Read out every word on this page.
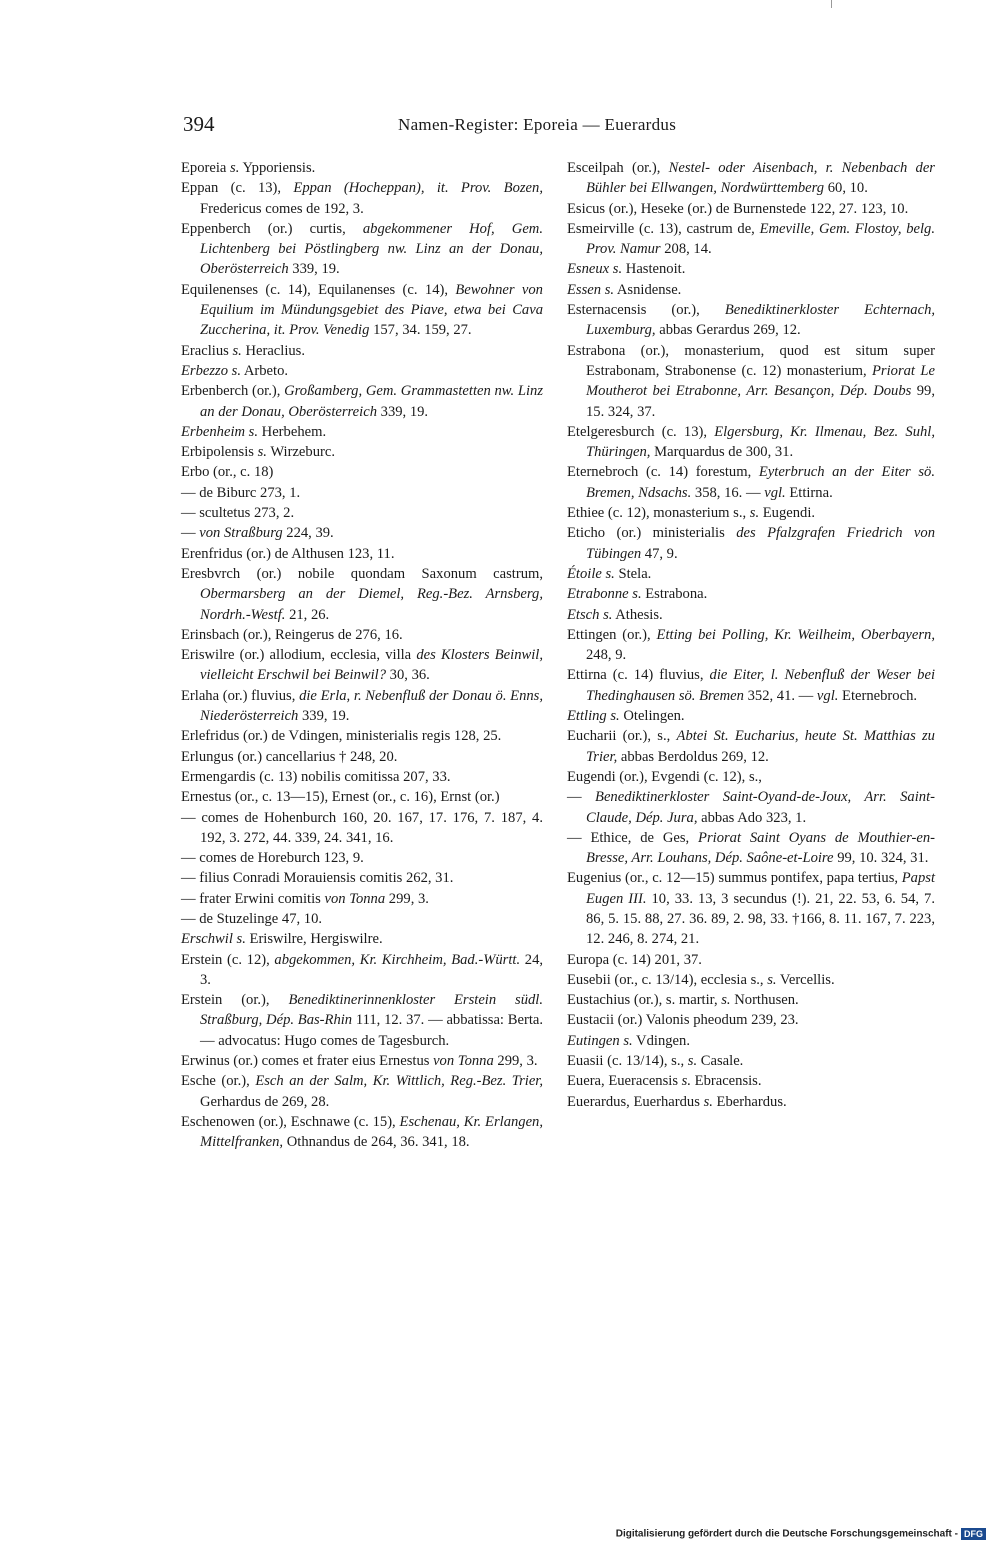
394	Namen-Register: Eporeia — Euerardus

Eporeia s. Ypporiensis.

Eppan (c. 13), Eppan (Hocheppan), it. Prov. Bozen, Fredericus comes de 192, 3.

Eppenberch (or.) curtis, abgekommener Hof, Gem. Lichtenberg bei Pöstlingberg nw. Linz an der Donau, Oberösterreich 339, 19.

Equilenenses (c. 14), Equilanenses (c. 14), Bewohner von Equilium im Mündungsgebiet des Piave, etwa bei Cava Zuccherina, it. Prov. Venedig 157, 34. 159, 27.

Eraclius s. Heraclius.

Erbezzo s. Arbeto.

Erbenberch (or.), Großamberg, Gem. Grammastetten nw. Linz an der Donau, Oberösterreich 339, 19.

Erbenheim s. Herbehem.

Erbipolensis s. Wirzeburc.

Erbo (or., c. 18)

— de Biburc 273, 1.

— scultetus 273, 2.

— von Straßburg 224, 39.

Erenfridus (or.) de Althusen 123, 11.

Eresbvrch (or.) nobile quondam Saxonum castrum, Obermarsberg an der Diemel, Reg.-Bez. Arnsberg, Nordrh.-Westf. 21, 26.

Erinsbach (or.), Reingerus de 276, 16.

Eriswilre (or.) allodium, ecclesia, villa des Klosters Beinwil, vielleicht Erschwil bei Beinwil? 30, 36.

Erlaha (or.) fluvius, die Erla, r. Nebenfluß der Donau ö. Enns, Niederösterreich 339, 19.

Erlefridus (or.) de Vdingen, ministerialis regis 128, 25.

Erlungus (or.) cancellarius † 248, 20.

Ermengardis (c. 13) nobilis comitissa 207, 33.

Ernestus (or., c. 13—15), Ernest (or., c. 16), Ernst (or.)

— comes de Hohenburch 160, 20. 167, 17. 176, 7. 187, 4. 192, 3. 272, 44. 339, 24. 341, 16.

— comes de Horeburch 123, 9.

— filius Conradi Morauiensis comitis 262, 31.

— frater Erwini comitis von Tonna 299, 3.

— de Stuzelinge 47, 10.

Erschwil s. Eriswilre, Hergiswilre.

Erstein (c. 12), abgekommen, Kr. Kirchheim, Bad.-Württ. 24, 3.

Erstein (or.), Benediktinerinnenkloster Erstein südl. Straßburg, Dép. Bas-Rhin 111, 12. 37. — abbatissa: Berta. — advocatus: Hugo comes de Tagesburch.

Erwinus (or.) comes et frater eius Ernestus von Tonna 299, 3.

Esche (or.), Esch an der Salm, Kr. Wittlich, Reg.-Bez. Trier, Gerhardus de 269, 28.

Eschenowen (or.), Eschnawe (c. 15), Eschenau, Kr. Erlangen, Mittelfranken, Othnandus de 264, 36. 341, 18.

Esceilpah (or.), Nestel- oder Aisenbach, r. Nebenbach der Bühler bei Ellwangen, Nordwürttemberg 60, 10.

Esicus (or.), Heseke (or.) de Burnenstede 122, 27. 123, 10.

Esmeirville (c. 13), castrum de, Emeville, Gem. Flostoy, belg. Prov. Namur 208, 14.

Esneux s. Hastenoit.

Essen s. Asnidense.

Esternacensis (or.), Benediktinerkloster Echternach, Luxemburg, abbas Gerardus 269, 12.

Estrabona (or.), monasterium, quod est situm super Estrabonam, Strabonense (c. 12) monasterium, Priorat Le Moutherot bei Etrabonne, Arr. Besançon, Dép. Doubs 99, 15. 324, 37.

Etelgeresburch (c. 13), Elgersburg, Kr. Ilmenau, Bez. Suhl, Thüringen, Marquardus de 300, 31.

Eternebroch (c. 14) forestum, Eyterbruch an der Eiter sö. Bremen, Ndsachs. 358, 16. — vgl. Ettirna.

Ethiee (c. 12), monasterium s., s. Eugendi.

Eticho (or.) ministerialis des Pfalzgrafen Friedrich von Tübingen 47, 9.

Étoile s. Stela.

Etrabonne s. Estrabona.

Etsch s. Athesis.

Ettingen (or.), Etting bei Polling, Kr. Weilheim, Oberbayern, 248, 9.

Ettirna (c. 14) fluvius, die Eiter, l. Nebenfluß der Weser bei Thedinghausen sö. Bremen 352, 41. — vgl. Eternebroch.

Ettling s. Otelingen.

Eucharii (or.), s., Abtei St. Eucharius, heute St. Matthias zu Trier, abbas Berdoldus 269, 12.

Eugendi (or.), Evgendi (c. 12), s.,

— Benediktinerkloster Saint-Oyand-de-Joux, Arr. Saint-Claude, Dép. Jura, abbas Ado 323, 1.

— Ethice, de Ges, Priorat Saint Oyans de Mouthier-en-Bresse, Arr. Louhans, Dép. Saône-et-Loire 99, 10. 324, 31.

Eugenius (or., c. 12—15) summus pontifex, papa tertius, Papst Eugen III. 10, 33. 13, 3 secundus (!). 21, 22. 53, 6. 54, 7. 86, 5. 15. 88, 27. 36. 89, 2. 98, 33. †166, 8. 11. 167, 7. 223, 12. 246, 8. 274, 21.

Europa (c. 14) 201, 37.

Eusebii (or., c. 13/14), ecclesia s., s. Vercellis.

Eustachius (or.), s. martir, s. Northusen.

Eustacii (or.) Valonis pheodum 239, 23.

Eutingen s. Vdingen.

Euasii (c. 13/14), s., s. Casale.

Euera, Eueracensis s. Ebracensis.

Euerardus, Euerhardus s. Eberhardus.

Digitalisierung gefördert durch die Deutsche Forschungsgemeinschaft - DFG
